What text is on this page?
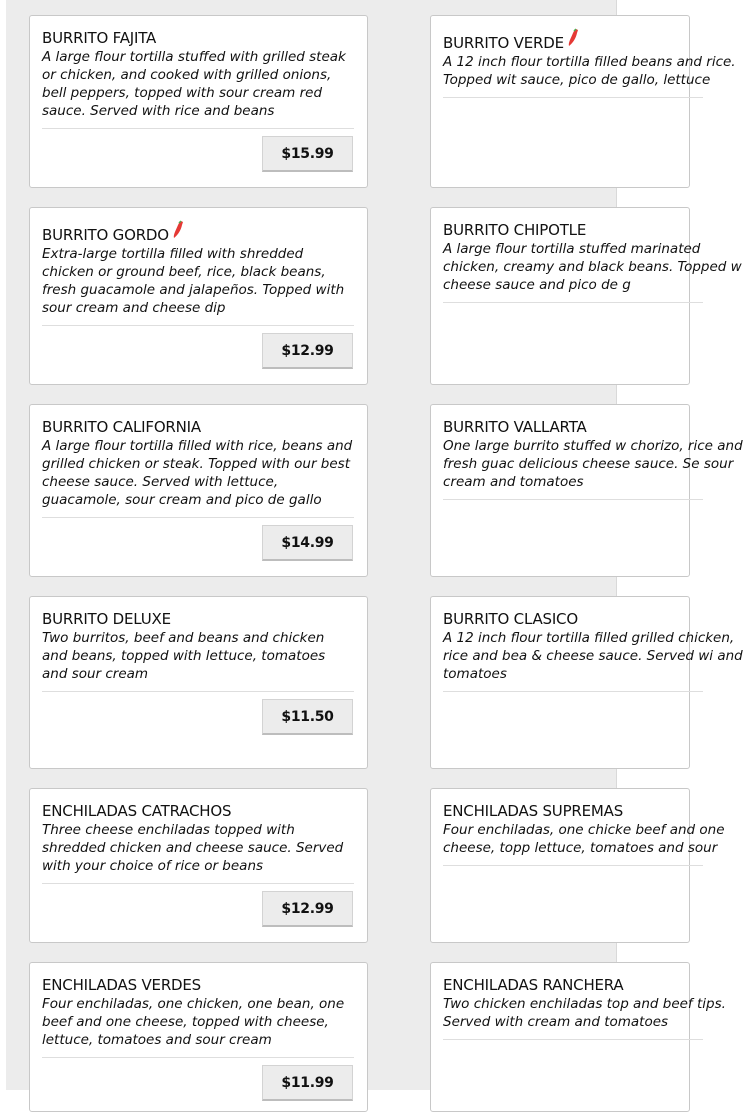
BURRITO FAJITA
A large flour tortilla stuffed with grilled steak or chicken, and cooked with grilled onions, bell peppers, topped with sour cream red sauce. Served with rice and beans
$15.99
BURRITO GORDO
Extra-large tortilla filled with shredded chicken or ground beef, rice, black beans, fresh guacamole and jalapeños. Topped with sour cream and cheese dip
$12.99
BURRITO CALIFORNIA
A large flour tortilla filled with rice, beans and grilled chicken or steak. Topped with our best cheese sauce. Served with lettuce, guacamole, sour cream and pico de gallo
$14.99
BURRITO DELUXE
Two burritos, beef and beans and chicken and beans, topped with lettuce, tomatoes and sour cream
$11.50
ENCHILADAS CATRACHOS
Three cheese enchiladas topped with shredded chicken and cheese sauce. Served with your choice of rice or beans
$12.99
ENCHILADAS VERDES
Four enchiladas, one chicken, one bean, one beef and one cheese, topped with cheese, lettuce, tomatoes and sour cream
$11.99
BURRITO VERDE
A 12 inch flour tortilla filled beans and rice. Topped wit sauce, pico de gallo, lettuce
BURRITO CHIPOTLE
A large flour tortilla stuffed marinated chicken, creamy and black beans. Topped w cheese sauce and pico de g
BURRITO VALLARTA
One large burrito stuffed w chorizo, rice and fresh guac delicious cheese sauce. Se sour cream and tomatoes
BURRITO CLASICO
A 12 inch flour tortilla filled grilled chicken, rice and bea & cheese sauce. Served wi and tomatoes
ENCHILADAS SUPREMAS
Four enchiladas, one chicke beef and one cheese, topp lettuce, tomatoes and sour
ENCHILADAS RANCHERA
Two chicken enchiladas top and beef tips. Served with cream and tomatoes
